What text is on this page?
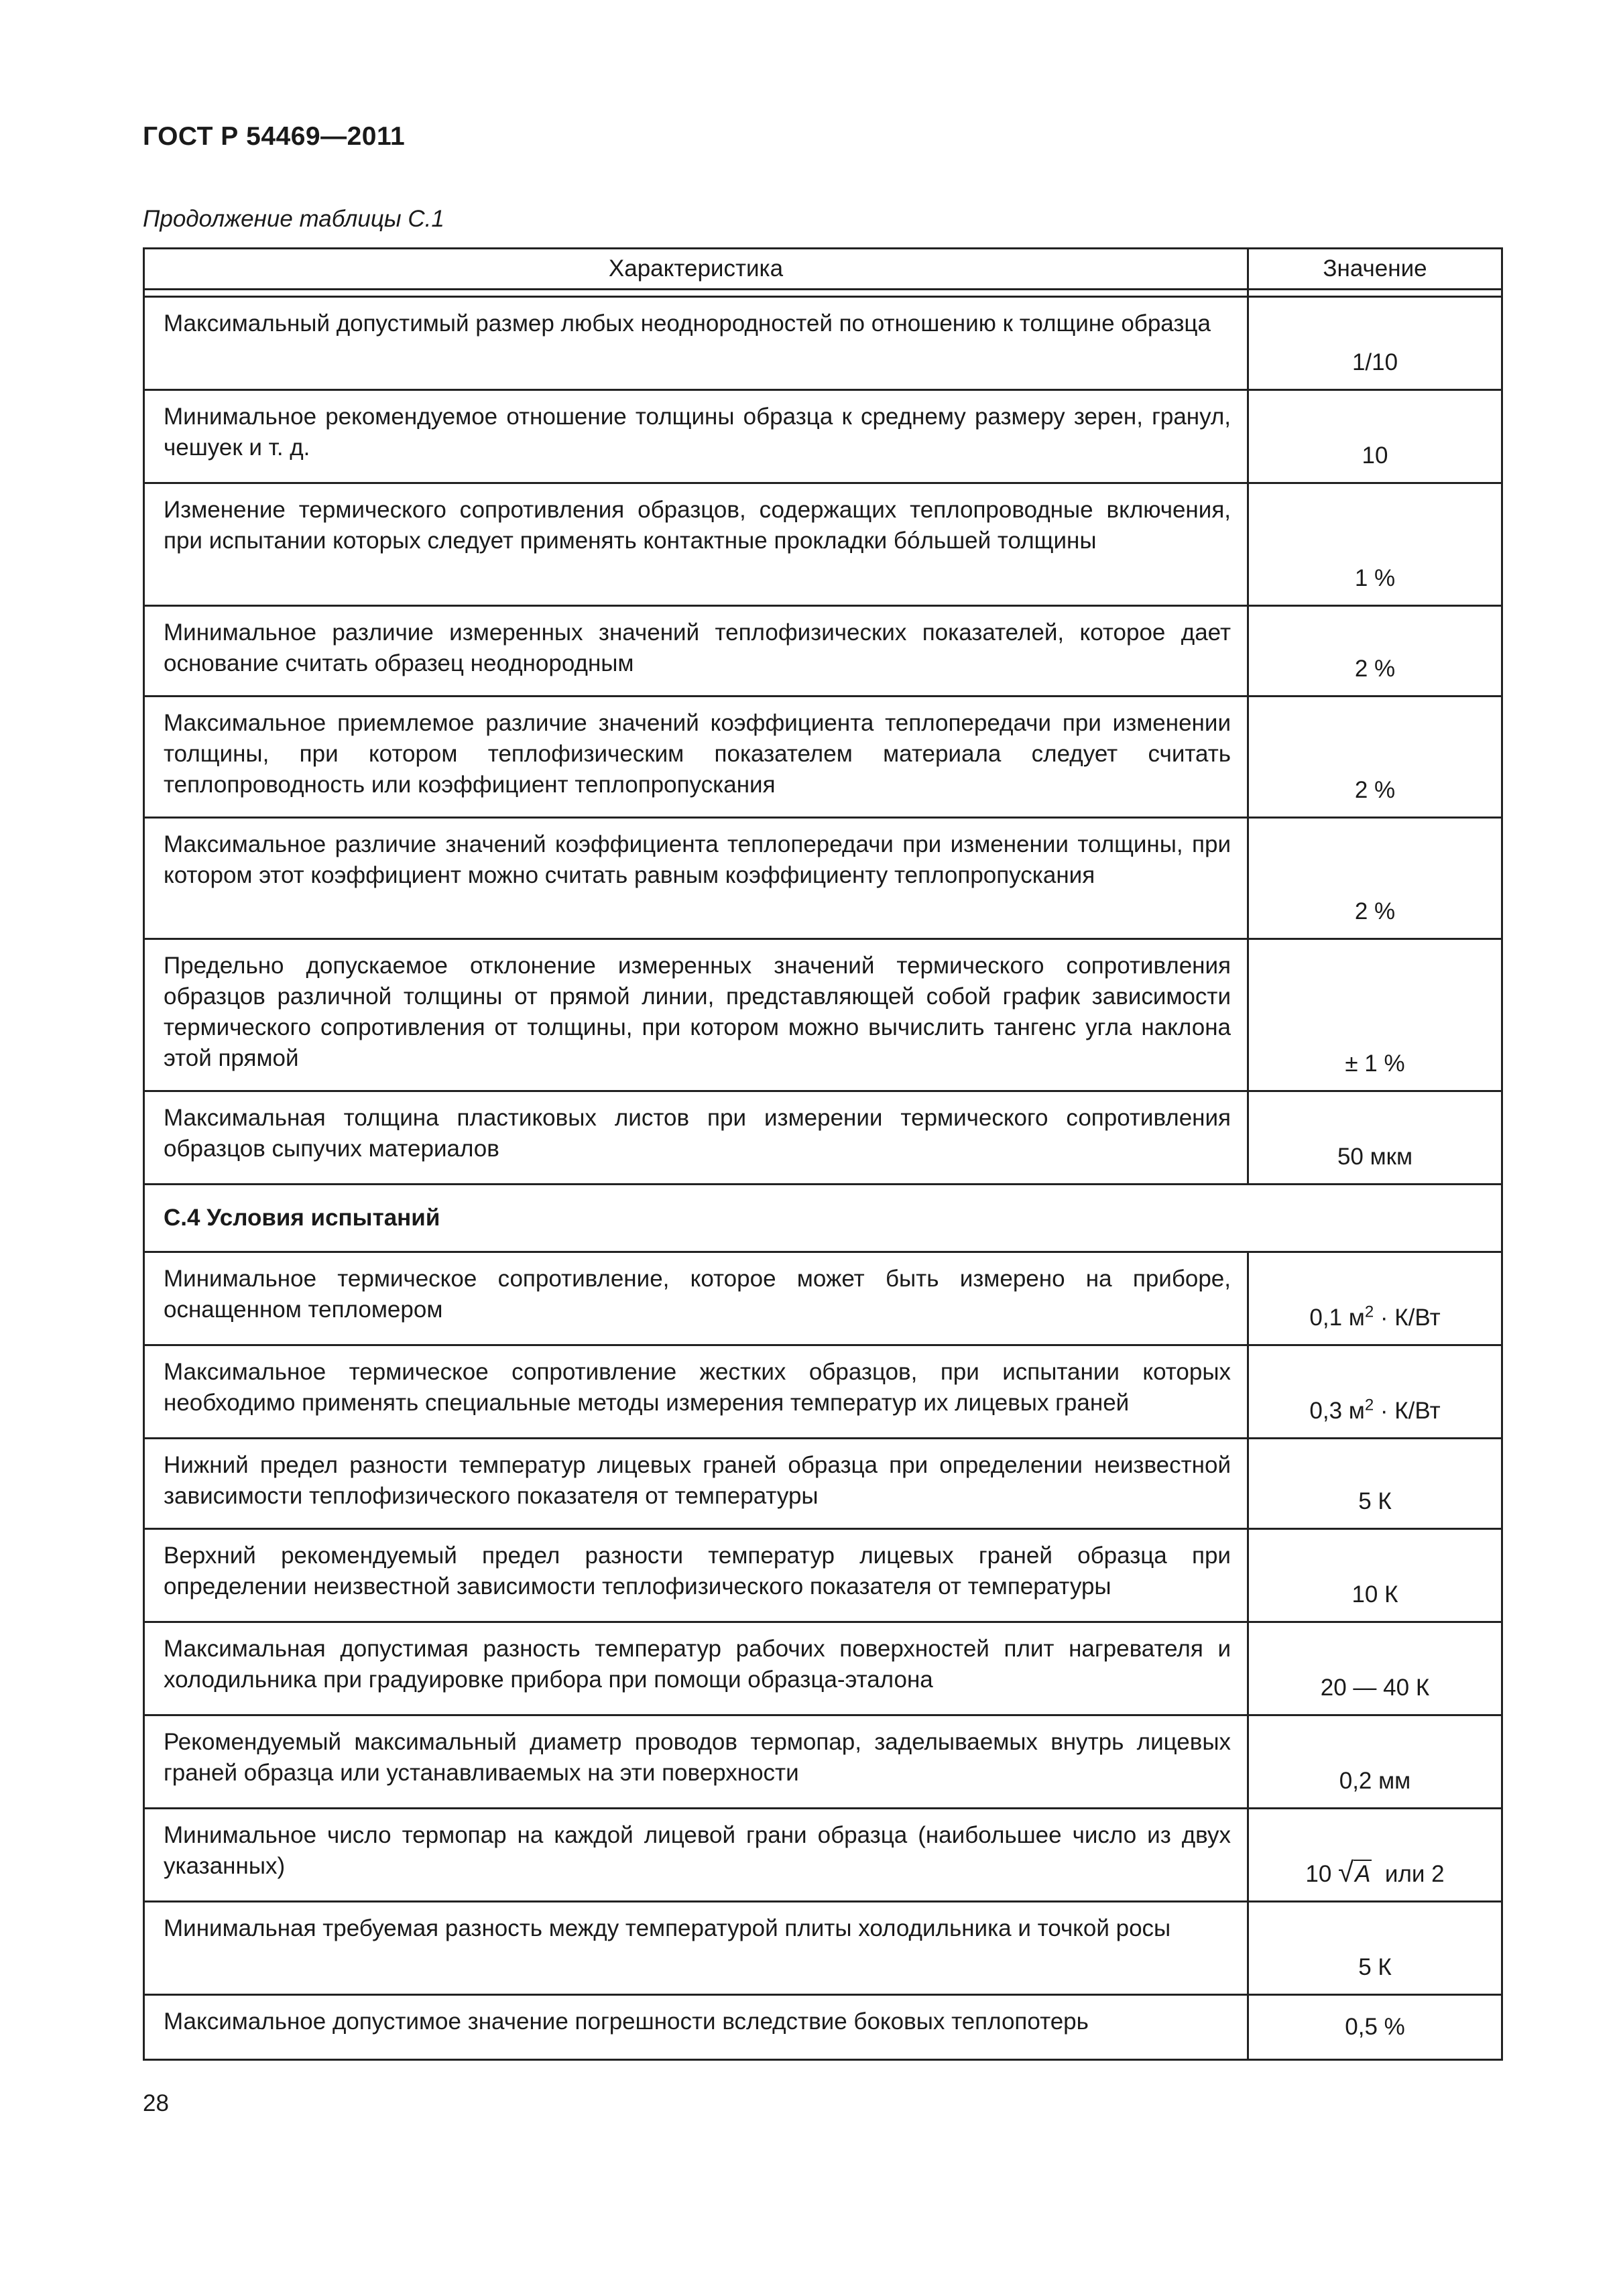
ГОСТ Р 54469—2011
Продолжение таблицы С.1
Характеристика	Значение

Максимальный допустимый размер любых неоднородностей по отношению к толщине образца	1/10
Минимальное рекомендуемое отношение толщины образца к среднему размеру зерен, гранул, чешуек и т. д.	10
Изменение термического сопротивления образцов, содержащих теплопроводные включения, при испытании которых следует применять контактные прокладки бóльшей толщины	1 %
Минимальное различие измеренных значений теплофизических показателей, которое дает основание считать образец неоднородным	2 %
Максимальное приемлемое различие значений коэффициента теплопередачи при изменении толщины, при котором теплофизическим показателем материала следует считать теплопроводность или коэффициент теплопропускания	2 %
Максимальное различие значений коэффициента теплопередачи при изменении толщины, при котором этот коэффициент можно считать равным коэффициенту теплопропускания	2 %
Предельно допускаемое отклонение измеренных значений термического сопротивления образцов различной толщины от прямой линии, представляющей собой график зависимости термического сопротивления от толщины, при котором можно вычислить тангенс угла наклона этой прямой	± 1 %
Максимальная толщина пластиковых листов при измерении термического сопротивления образцов сыпучих материалов	50 мкм
С.4 Условия испытаний	
Минимальное термическое сопротивление, которое может быть измерено на приборе, оснащенном тепломером	0,1 $м^2 \cdot К/Вт$
Максимальное термическое сопротивление жестких образцов, при испытании которых необходимо применять специальные методы измерения температур их лицевых граней	0,3 $м^2 \cdot К/Вт$
Нижний предел разности температур лицевых граней образца при определении неизвестной зависимости теплофизического показателя от температуры	5 К
Верхний рекомендуемый предел разности температур лицевых граней образца при определении неизвестной зависимости теплофизического показателя от температуры	10 К
Максимальная допустимая разность температур рабочих поверхностей плит нагревателя и холодильника при градуировке прибора при помощи образца-эталона	20 — 40 К
Рекомендуемый максимальный диаметр проводов термопар, заделываемых внутрь лицевых граней образца или устанавливаемых на эти поверхности	0,2 мм
Минимальное число термопар на каждой лицевой грани образца (наибольшее число из двух указанных)	10 √A  или 2
Минимальная требуемая разность между температурой плиты холодильника и точкой росы	5 К
Максимальное допустимое значение погрешности вследствие боковых теплопотерь	0,5 %
28
